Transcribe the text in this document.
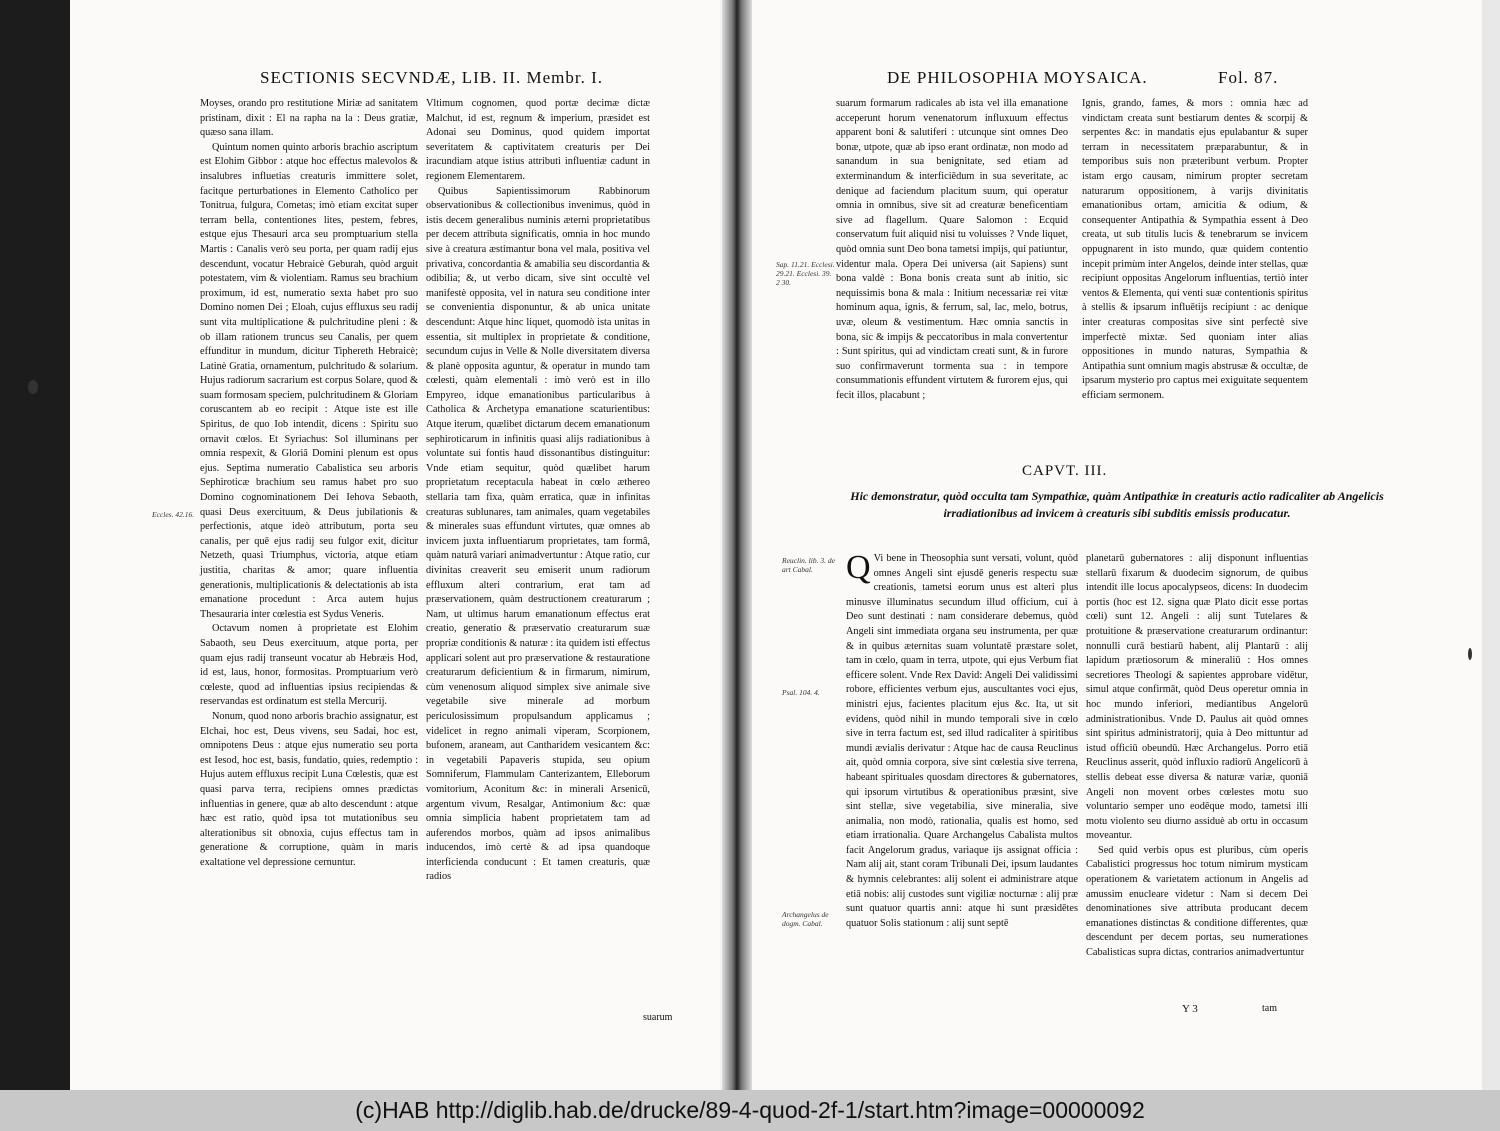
SECTIONIS SECVNDÆ, LIB. II. Membr. I.

Moyses, orando pro restitutione Miriæ ad sanitatem pristinam, dixit : El na rapha na la : Deus gratiæ, quæso sana illam.

Quintum nomen quinto arboris brachio ascriptum est Elohim Gibbor : atque hoc effectus malevolos & insalubres influetias creaturis immittere solet, facitque perturbationes in Elemento Catholico per Tonitrua, fulgura, Cometas; imò etiam excitat super terram bella, contentiones lites, pestem, febres, estque ejus Thesauri arca seu promptuarium stella Martis : Canalis verò seu porta, per quam radij ejus descendunt, vocatur Hebraicè Geburah, quòd arguit potestatem, vim & violentiam. Ramus seu brachium proximum, id est, numeratio sexta habet pro suo Domino nomen Dei ; Eloah, cujus effluxus seu radij sunt vita multiplicatione & pulchritudine pleni : & ob illam rationem truncus seu Canalis, per quem effunditur in mundum, dicitur Tiphereth Hebraicè; Latinè Gratia, ornamentum, pulchritudo & solarium. Hujus radiorum sacrarium est corpus Solare, quod & suam formosam speciem, pulchritudinem & Gloriam coruscantem ab eo recipit : Atque iste est ille Spiritus, de quo Iob intendit, dicens : Spiritu suo ornavit cœlos. Et Syriachus: Sol illuminans per omnia respexit, & Gloriâ Domini plenum est opus ejus. Septima numeratio Cabalistica seu arboris Sephiroticæ brachium seu ramus habet pro suo Domino cognominationem Dei Iehova Sebaoth, quasi Deus exercituum, & Deus jubilationis & perfectionis, atque ideò attributum, porta seu canalis, per quē ejus radij seu fulgor exit, dicitur Netzeth, quasi Triumphus, victoria, atque etiam justitia, charitas & amor; quare influentia generationis, multiplicationis & delectationis ab ista emanatione procedunt : Arca autem hujus Thesauraria inter cœlestia est Sydus Veneris.

Octavum nomen à proprietate est Elohim Sabaoth, seu Deus exercituum, atque porta, per quam ejus radij transeunt vocatur ab Hebræis Hod, id est, laus, honor, formositas. Promptuarium verò cœleste, quod ad influentias ipsius recipiendas & reservandas est ordinatum est stella Mercurij.

Nonum, quod nono arboris brachio assignatur, est Elchai, hoc est, Deus vivens, seu Sadai, hoc est, omnipotens Deus : atque ejus numeratio seu porta est Iesod, hoc est, basis, fundatio, quies, redemptio : Hujus autem effluxus recipit Luna Cœlestis, quæ est quasi parva terra, recipiens omnes prædictas influentias in genere, quæ ab alto descendunt : atque hæc est ratio, quòd ipsa tot mutationibus seu alterationibus sit obnoxia, cujus effectus tam in generatione & corruptione, quàm in maris exaltatione vel depressione cernuntur.

Vltimum cognomen, quod portæ decimæ dictæ Malchut, id est, regnum & imperium, præsidet est Adonai seu Dominus, quod quidem importat severitatem & captivitatem creaturis per Dei iracundiam atque istius attributi influentiæ cadunt in regionem Elementarem.

Quibus Sapientissimorum Rabbinorum observationibus & collectionibus invenimus, quòd in istis decem generalibus numinis æterni proprietatibus per decem attributa significatis, omnia in hoc mundo sive à creatura æstimantur bona vel mala, positiva vel privativa, concordantia & amabilia seu discordantia & odibilia; &, ut verbo dicam, sive sint occultè vel manifestè opposita, vel in natura seu conditione inter se convenientia disponuntur, & ab unica unitate descendunt: Atque hinc liquet, quomodò ista unitas in essentia, sit multiplex in proprietate & conditione, secundum cujus in Velle & Nolle diversitatem diversa & planè opposita aguntur, & operatur in mundo tam cœlesti, quàm elementali : imò verò est in illo Empyreo, idque emanationibus particularibus à Catholica & Archetypa emanatione scaturientibus: Atque iterum, quælibet dictarum decem emanationum sephiroticarum in infinitis quasi alijs radiationibus à voluntate sui fontis haud dissonantibus distinguitur: Vnde etiam sequitur, quòd quælibet harum proprietatum receptacula habeat in cœlo æthereo stellaria tam fixa, quàm erratica, quæ in infinitas creaturas sublunares, tam animales, quam vegetabiles & minerales suas effundunt virtutes, quæ omnes ab invicem juxta influentiarum proprietates, tam formâ, quàm naturâ variari animadvertuntur : Atque ratio, cur divinitas creaverit seu emiserit unum radiorum effluxum alteri contrarium, erat tam ad præservationem, quàm destructionem creaturarum ; Nam, ut ultimus harum emanationum effectus erat creatio, generatio & præservatio creaturarum suæ propriæ conditionis & naturæ : ita quidem isti effectus applicari solent aut pro præservatione & restauratione creaturarum deficientium & in firmarum, nimirum, cùm venenosum aliquod simplex sive animale sive vegetabile sive minerale ad morbum periculosissimum propulsandum applicamus ; videlicet in regno animali viperam, Scorpionem, bufonem, araneam, aut Cantharidem vesicantem &c: in vegetabili Papaveris stupida, seu opium Somniferum, Flammulam Canterizantem, Elleborum vomitorium, Aconitum &c: in minerali Arsenicū, argentum vivum, Resalgar, Antimonium &c: quæ omnia simplicia habent proprietatem tam ad auferendos morbos, quàm ad ipsos animalibus inducendos, imò certè & ad ipsa quandoque interficienda conducunt : Et tamen creaturis, quæ radios

Eccles. 42.16.
suarum
DE PHILOSOPHIA MOYSAICA.	Fol. 87.

suarum formarum radicales ab ista vel illa emanatione acceperunt horum venenatorum influxuum effectus apparent boni & salutiferi : utcunque sint omnes Deo bonæ, utpote, quæ ab ipso erant ordinatæ, non modo ad sanandum in sua benignitate, sed etiam ad exterminandum & interficiēdum in sua severitate, ac denique ad faciendum placitum suum, qui operatur omnia in omnibus, sive sit ad creaturæ beneficentiam sive ad flagellum. Quare Salomon : Ecquid conservatum fuit aliquid nisi tu voluisses ? Vnde liquet, quòd omnia sunt Deo bona tametsi impijs, qui patiuntur, videntur mala. Opera Dei universa (ait Sapiens) sunt bona valdè : Bona bonis creata sunt ab initio, sic nequissimis bona & mala : Initium necessariæ rei vitæ hominum aqua, ignis, & ferrum, sal, lac, melo, botrus, uvæ, oleum & vestimentum. Hæc omnia sanctis in bona, sic & impijs & peccatoribus in mala convertentur : Sunt spiritus, qui ad vindictam creati sunt, & in furore suo confirmaverunt tormenta sua : in tempore consummationis effundent virtutem & furorem ejus, qui fecit illos, placabunt ;

Ignis, grando, fames, & mors : omnia hæc ad vindictam creata sunt bestiarum dentes & scorpij & serpentes &c: in mandatis ejus epulabantur & super terram in necessitatem præparabuntur, & in temporibus suis non præteribunt verbum. Propter istam ergo causam, nimirum propter secretam naturarum oppositionem, à varijs divinitatis emanationibus ortam, amicitia & odium, & consequenter Antipathia & Sympathia essent à Deo creata, ut sub titulis lucis & tenebrarum se invicem oppugnarent in isto mundo, quæ quidem contentio incepit primùm inter Angelos, deinde inter stellas, quæ recipiunt oppositas Angelorum influentias, tertiò inter ventos & Elementa, qui venti suæ contentionis spiritus à stellis & ipsarum influētijs recipiunt : ac denique inter creaturas compositas sive sint perfectè sive imperfectè mixtæ. Sed quoniam inter alias oppositiones in mundo naturas, Sympathia & Antipathia sunt omnium magis abstrusæ & occultæ, de ipsarum mysterio pro captus mei exiguitate sequentem efficiam sermonem.

Sap. 11.21. Ecclesi. 29.21. Ecclesi. 39. 2 30.
CAPVT. III.
Hic demonstratur, quòd occulta tam Sympathiæ, quàm Antipathiæ in creaturis actio radicaliter ab Angelicis irradiationibus ad invicem à creaturis sibi subditis emissis producatur.
Q Vi bene in Theosophia sunt versati, volunt, quòd omnes Angeli sint ejusdē generis respectu suæ creationis, tametsi eorum unus est alteri plus minusve illuminatus secundum illud officium, cui à Deo sunt destinati : nam considerare debemus, quòd Angeli sint immediata organa seu instrumenta, per quæ & in quibus æternitas suam voluntatē præstare solet, tam in cœlo, quam in terra, utpote, qui ejus Verbum fiat efficere solent. Vnde Rex David: Angeli Dei validissimi robore, efficientes verbum ejus, auscultantes voci ejus, ministri ejus, facientes placitum ejus &c. Ita, ut sit evidens, quòd nihil in mundo temporali sive in cœlo sive in terra factum est, sed illud radicaliter à spiritibus mundi ævialis derivatur : Atque hac de causa Reuclinus ait, quòd omnia corpora, sive sint cœlestia sive terrena, habeant spirituales quosdam directores & gubernatores, qui ipsorum virtutibus & operationibus præsint, sive sint stellæ, sive vegetabilia, sive mineralia, sive animalia, non modò, rationalia, qualis est homo, sed etiam irrationalia. Quare Archangelus Cabalista multos facit Angelorum gradus, variaque ijs assignat officia : Nam alij ait, stant coram Tribunali Dei, ipsum laudantes & hymnis celebrantes: alij solent ei administrare atque etiā nobis: alij custodes sunt vigiliæ nocturnæ : alij præ sunt quatuor quartis anni: atque hi sunt præsidētes quatuor Solis stationum : alij sunt septē

planetarū gubernatores : alij disponunt influentias stellarū fixarum & duodecim signorum, de quibus intendit ille locus apocalypseos, dicens: In duodecim portis (hoc est 12. signa quæ Plato dicit esse portas cœli) sunt 12. Angeli : alij sunt Tutelares & protuitione & præservatione creaturarum ordinantur: nonnulli curā bestiarū habent, alij Plantarū : alij lapidum prætiosorum & mineraliū : Hos omnes secretiores Theologi & sapientes approbare vidētur, simul atque confirmāt, quòd Deus operetur omnia in hoc mundo inferiori, mediantibus Angelorū administrationibus. Vnde D. Paulus ait quòd omnes sint spiritus administratorij, quia à Deo mittuntur ad istud officiū obeundū. Hæc Archangelus. Porro etiā Reuclinus asserit, quòd influxio radiorū Angelicorū à stellis debeat esse diversa & naturæ variæ, quoniā Angeli non movent orbes cœlestes motu suo voluntario semper uno eodēque modo, tametsi illi motu violento seu diurno assiduè ab ortu in occasum moveantur.

Sed quid verbis opus est pluribus, cùm operis Cabalistici progressus hoc totum nimirum mysticam operationem & varietatem actionum in Angelis ad amussim enucleare videtur : Nam si decem Dei denominationes sive attributa producant decem emanationes distinctas & conditione differentes, quæ descendunt per decem portas, seu numerationes Cabalisticas supra dictas, contrarios animadvertuntur

Reuclin. lib. 3. de art Cabal.
Psal. 104. 4.
Archangelus de dogm. Cabal.
Y 3	tam
(c)HAB http://diglib.hab.de/drucke/89-4-quod-2f-1/start.htm?image=00000092
